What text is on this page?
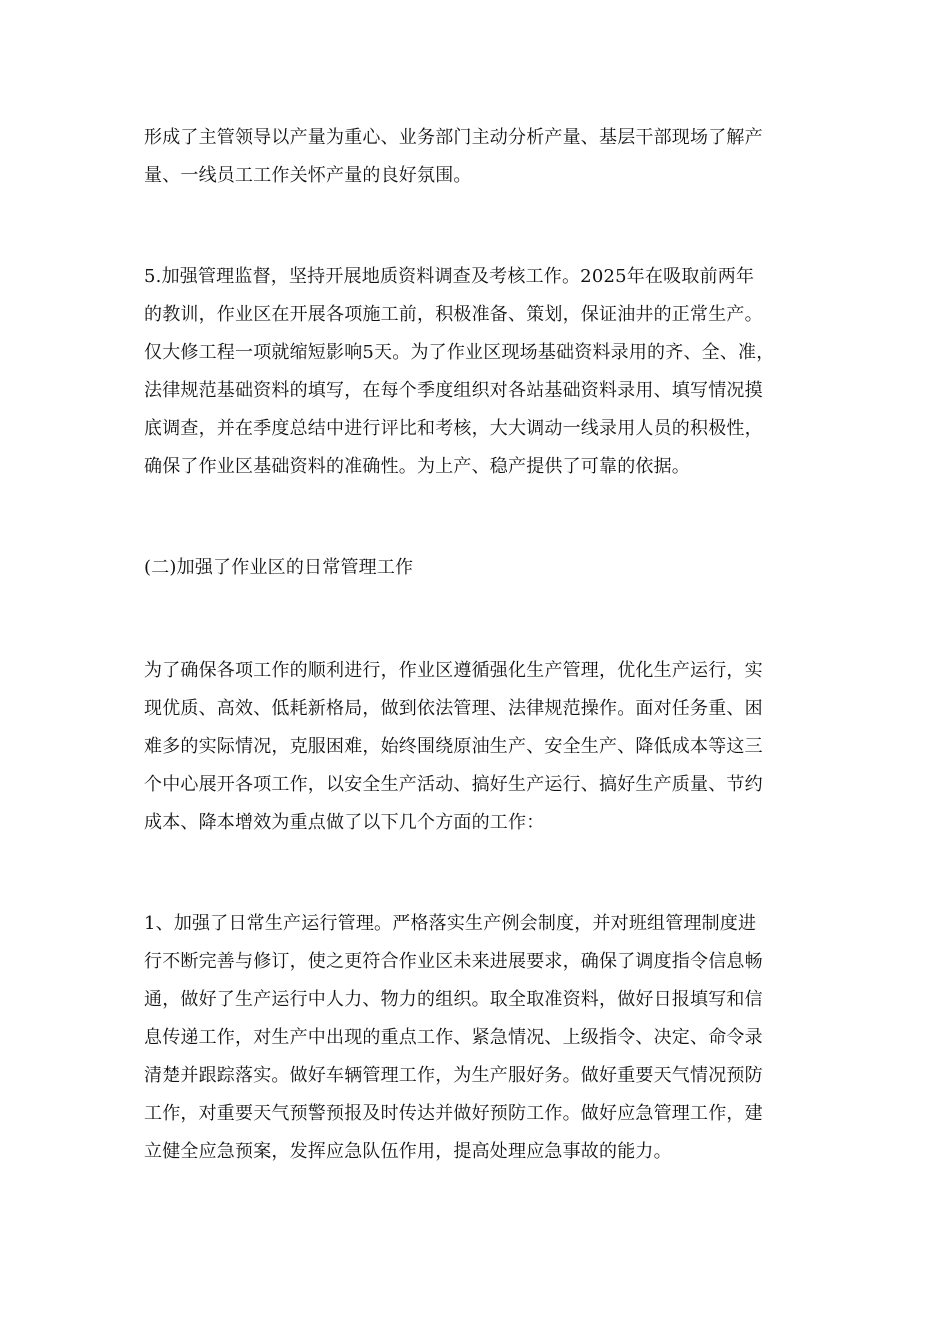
形成了主管领导以产量为重心、业务部门主动分析产量、基层干部现场了解产
量、一线员工工作关怀产量的良好氛围。
5.加强管理监督，坚持开展地质资料调查及考核工作。2025年在吸取前两年
的教训，作业区在开展各项施工前，积极准备、策划，保证油井的正常生产。
仅大修工程一项就缩短影响5天。为了作业区现场基础资料录用的齐、全、准，
法律规范基础资料的填写，在每个季度组织对各站基础资料录用、填写情况摸
底调查，并在季度总结中进行评比和考核，大大调动一线录用人员的积极性，
确保了作业区基础资料的准确性。为上产、稳产提供了可靠的依据。
(二)加强了作业区的日常管理工作
为了确保各项工作的顺利进行，作业区遵循强化生产管理，优化生产运行，实
现优质、高效、低耗新格局，做到依法管理、法律规范操作。面对任务重、困
难多的实际情况，克服困难，始终围绕原油生产、安全生产、降低成本等这三
个中心展开各项工作，以安全生产活动、搞好生产运行、搞好生产质量、节约
成本、降本增效为重点做了以下几个方面的工作：
1、加强了日常生产运行管理。严格落实生产例会制度，并对班组管理制度进
行不断完善与修订，使之更符合作业区未来进展要求，确保了调度指令信息畅
通，做好了生产运行中人力、物力的组织。取全取准资料，做好日报填写和信
息传递工作，对生产中出现的重点工作、紧急情况、上级指令、决定、命令录
清楚并跟踪落实。做好车辆管理工作，为生产服好务。做好重要天气情况预防
工作，对重要天气预警预报及时传达并做好预防工作。做好应急管理工作，建
立健全应急预案，发挥应急队伍作用，提高处理应急事故的能力。
